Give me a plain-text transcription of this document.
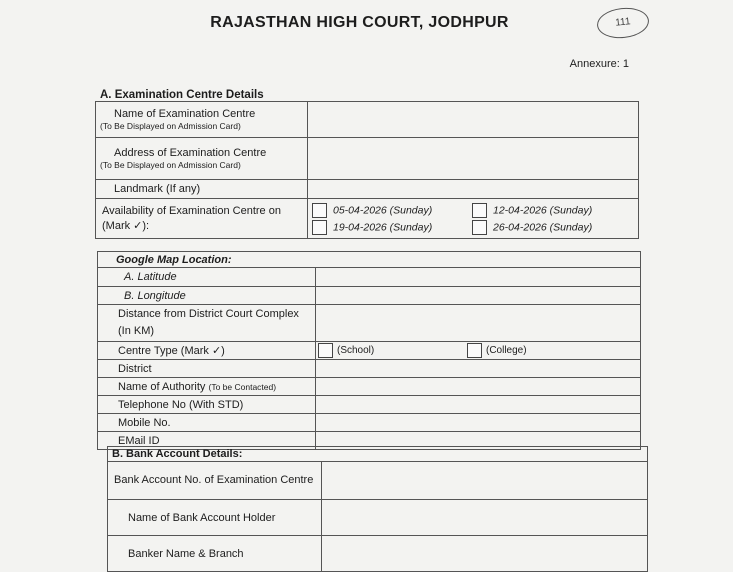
RAJASTHAN HIGH COURT, JODHPUR	111
Annexure: 1
A. Examination Centre Details
Name of Examination Centre
(To Be Displayed on Admission Card)	

Address of Examination Centre
(To Be Displayed on Admission Card)	

Landmark (If any)	
Availability of Examination Centre on (Mark ✓):	05-04-2026 (Sunday) 12-04-2026 (Sunday)
19-04-2026 (Sunday) 26-04-2026 (Sunday)
Google Map Location:	
A. Latitude	
B. Longitude	
Distance from District Court Complex (In KM)	
Centre Type (Mark ✓)	(School) (College)
District	
Name of Authority (To be Contacted)	
Telephone No (With STD)	
Mobile No.	
EMail ID	
B. Bank Account Details:	
Bank Account No. of Examination Centre	
Name of Bank Account Holder	
Banker Name & Branch	
